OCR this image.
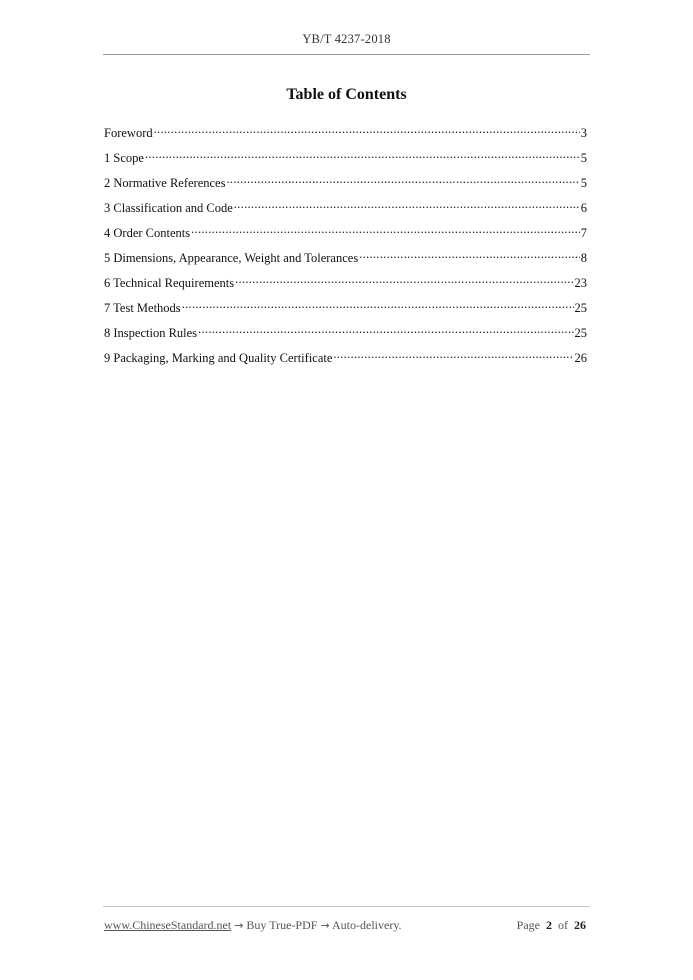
YB/T 4237-2018
Table of Contents
Foreword .....	3
1 Scope .....	5
2 Normative References .....	5
3 Classification and Code .....	6
4 Order Contents .....	7
5 Dimensions, Appearance, Weight and Tolerances .....	8
6 Technical Requirements .....	23
7 Test Methods .....	25
8 Inspection Rules .....	25
9 Packaging, Marking and Quality Certificate .....	26
www.ChineseStandard.net → Buy True-PDF → Auto-delivery.	Page 2 of 26
